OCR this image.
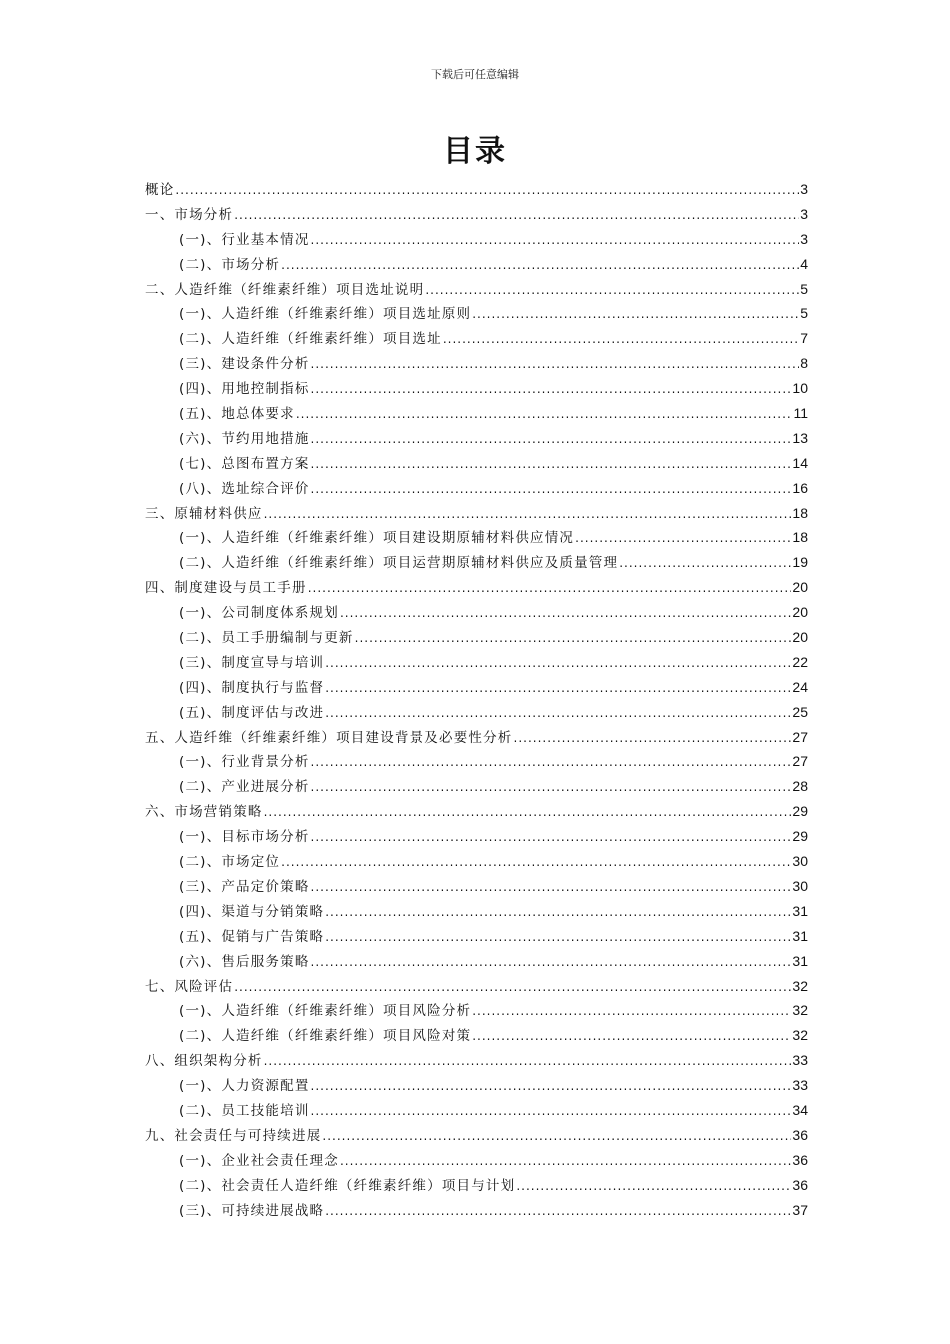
下载后可任意编辑
目录
概论 .....	3
一、市场分析 .....	3
(一)、行业基本情况 .....	3
(二)、市场分析 .....	4
二、人造纤维（纤维素纤维）项目选址说明 .....	5
(一)、人造纤维（纤维素纤维）项目选址原则 .....	5
(二)、人造纤维（纤维素纤维）项目选址 .....	7
(三)、建设条件分析 .....	8
(四)、用地控制指标 .....	10
(五)、地总体要求 .....	11
(六)、节约用地措施 .....	13
(七)、总图布置方案 .....	14
(八)、选址综合评价 .....	16
三、原辅材料供应 .....	18
(一)、人造纤维（纤维素纤维）项目建设期原辅材料供应情况 .....	18
(二)、人造纤维（纤维素纤维）项目运营期原辅材料供应及质量管理 .....	19
四、制度建设与员工手册 .....	20
(一)、公司制度体系规划 .....	20
(二)、员工手册编制与更新 .....	20
(三)、制度宣导与培训 .....	22
(四)、制度执行与监督 .....	24
(五)、制度评估与改进 .....	25
五、人造纤维（纤维素纤维）项目建设背景及必要性分析 .....	27
(一)、行业背景分析 .....	27
(二)、产业进展分析 .....	28
六、市场营销策略 .....	29
(一)、目标市场分析 .....	29
(二)、市场定位 .....	30
(三)、产品定价策略 .....	30
(四)、渠道与分销策略 .....	31
(五)、促销与广告策略 .....	31
(六)、售后服务策略 .....	31
七、风险评估 .....	32
(一)、人造纤维（纤维素纤维）项目风险分析 .....	32
(二)、人造纤维（纤维素纤维）项目风险对策 .....	32
八、组织架构分析 .....	33
(一)、人力资源配置 .....	33
(二)、员工技能培训 .....	34
九、社会责任与可持续进展 .....	36
(一)、企业社会责任理念 .....	36
(二)、社会责任人造纤维（纤维素纤维）项目与计划 .....	36
(三)、可持续进展战略 .....	37
